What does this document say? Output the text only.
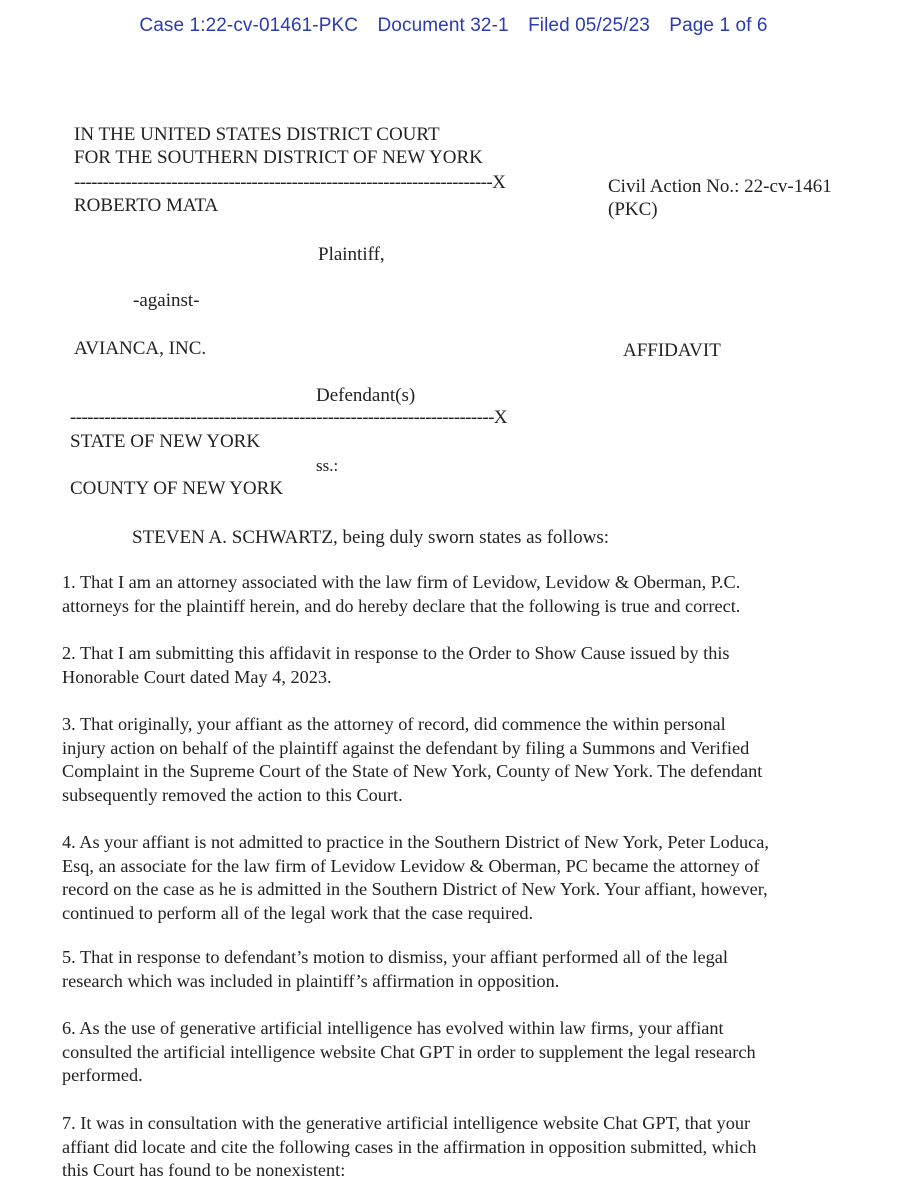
Case 1:22-cv-01461-PKC Document 32-1 Filed 05/25/23 Page 1 of 6
IN THE UNITED STATES DISTRICT COURT
FOR THE SOUTHERN DISTRICT OF NEW YORK
-------------------------------------------------------------------------X	Civil Action No.: 22-cv-1461
(PKC)
ROBERTO MATA
Plaintiff,
-against-
AVIANCA, INC.	AFFIDAVIT
Defendant(s)
--------------------------------------------------------------------------X
STATE OF NEW YORK
ss.:
COUNTY OF NEW YORK
STEVEN A. SCHWARTZ, being duly sworn states as follows:
1. That I am an attorney associated with the law firm of Levidow, Levidow & Oberman, P.C.
attorneys for the plaintiff herein, and do hereby declare that the following is true and correct.
2. That I am submitting this affidavit in response to the Order to Show Cause issued by this
Honorable Court dated May 4, 2023.
3. That originally, your affiant as the attorney of record, did commence the within personal
injury action on behalf of the plaintiff against the defendant by filing a Summons and Verified
Complaint in the Supreme Court of the State of New York, County of New York. The defendant
subsequently removed the action to this Court.
4. As your affiant is not admitted to practice in the Southern District of New York, Peter Loduca,
Esq, an associate for the law firm of Levidow Levidow & Oberman, PC became the attorney of
record on the case as he is admitted in the Southern District of New York. Your affiant, however,
continued to perform all of the legal work that the case required.
5. That in response to defendant’s motion to dismiss, your affiant performed all of the legal
research which was included in plaintiff’s affirmation in opposition.
6. As the use of generative artificial intelligence has evolved within law firms, your affiant
consulted the artificial intelligence website Chat GPT in order to supplement the legal research
performed.
7. It was in consultation with the generative artificial intelligence website Chat GPT, that your
affiant did locate and cite the following cases in the affirmation in opposition submitted, which
this Court has found to be nonexistent:
